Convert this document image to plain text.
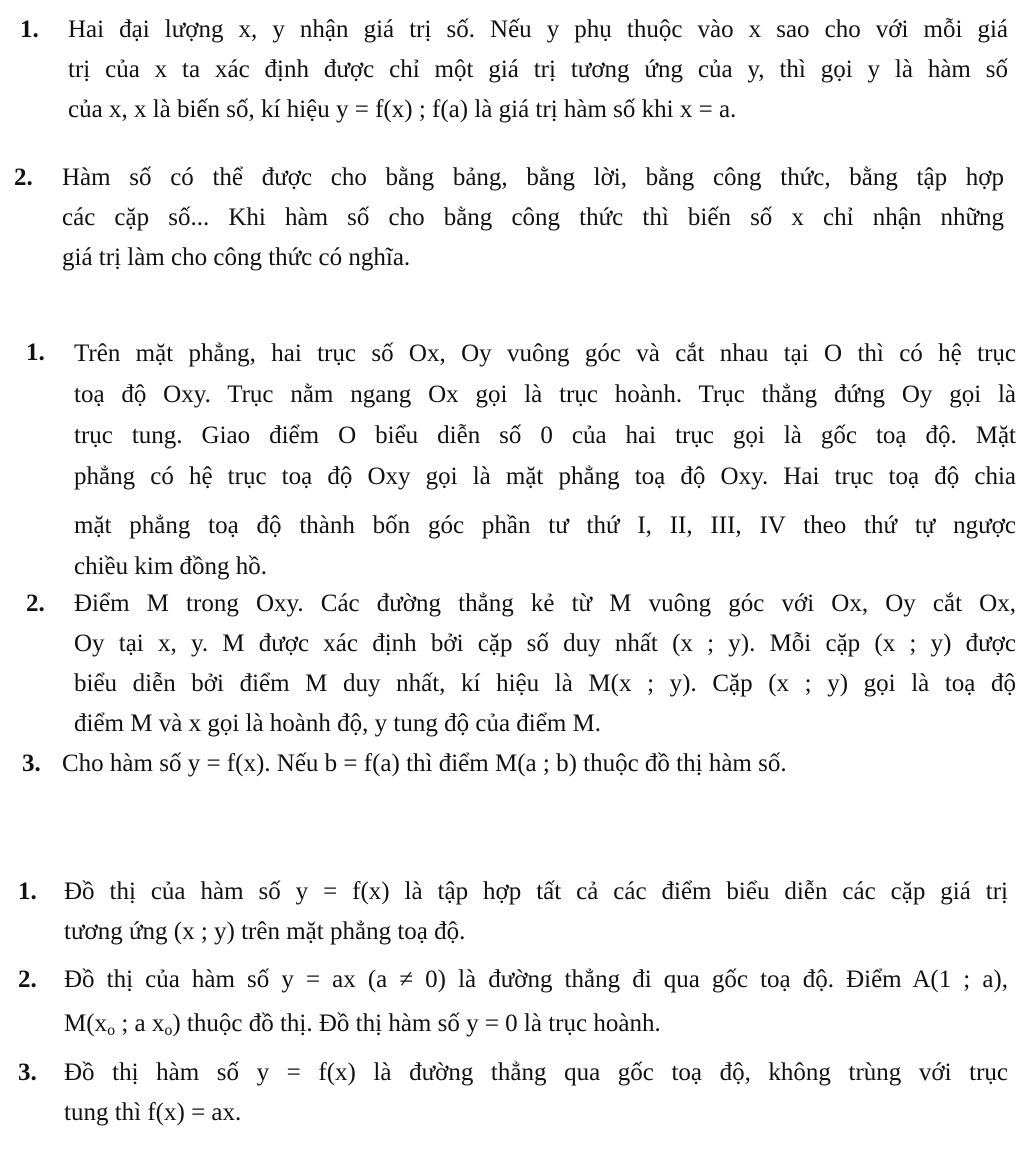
1. Hai đại lượng x, y nhận giá trị số. Nếu y phụ thuộc vào x sao cho với mỗi giá
trị của x ta xác định được chỉ một giá trị tương ứng của y, thì gọi y là hàm số
của x, x là biến số, kí hiệu y = f(x) ; f(a) là giá trị hàm số khi x = a.
2. Hàm số có thể được cho bằng bảng, bằng lời, bằng công thức, bằng tập hợp
các cặp số... Khi hàm số cho bằng công thức thì biến số x chỉ nhận những
giá trị làm cho công thức có nghĩa.
1. Trên mặt phẳng, hai trục số Ox, Oy vuông góc và cắt nhau tại O thì có hệ trục
toạ độ Oxy. Trục nằm ngang Ox gọi là trục hoành. Trục thẳng đứng Oy gọi là
trục tung. Giao điểm O biểu diễn số 0 của hai trục gọi là gốc toạ độ. Mặt
phẳng có hệ trục toạ độ Oxy gọi là mặt phẳng toạ độ Oxy. Hai trục toạ độ chia
mặt phẳng toạ độ thành bốn góc phần tư thứ I, II, III, IV theo thứ tự ngược
chiều kim đồng hồ.
2. Điểm M trong Oxy. Các đường thẳng kẻ từ M vuông góc với Ox, Oy cắt Ox,
Oy tại x, y. M được xác định bởi cặp số duy nhất (x ; y). Mỗi cặp (x ; y) được
biểu diễn bởi điểm M duy nhất, kí hiệu là M(x ; y). Cặp (x ; y) gọi là toạ độ
điểm M và x gọi là hoành độ, y tung độ của điểm M.
3. Cho hàm số y = f(x). Nếu b = f(a) thì điểm M(a ; b) thuộc đồ thị hàm số.
1. Đồ thị của hàm số y = f(x) là tập hợp tất cả các điểm biểu diễn các cặp giá trị
tương ứng (x ; y) trên mặt phẳng toạ độ.
2. Đồ thị của hàm số y = ax (a ≠ 0) là đường thẳng đi qua gốc toạ độ. Điểm A(1 ; a),
$M(x_o$ ; a $x_o$) thuộc đồ thị. Đồ thị hàm số y = 0 là trục hoành.
3. Đồ thị hàm số y = f(x) là đường thẳng qua gốc toạ độ, không trùng với trục
tung thì f(x) = ax.
